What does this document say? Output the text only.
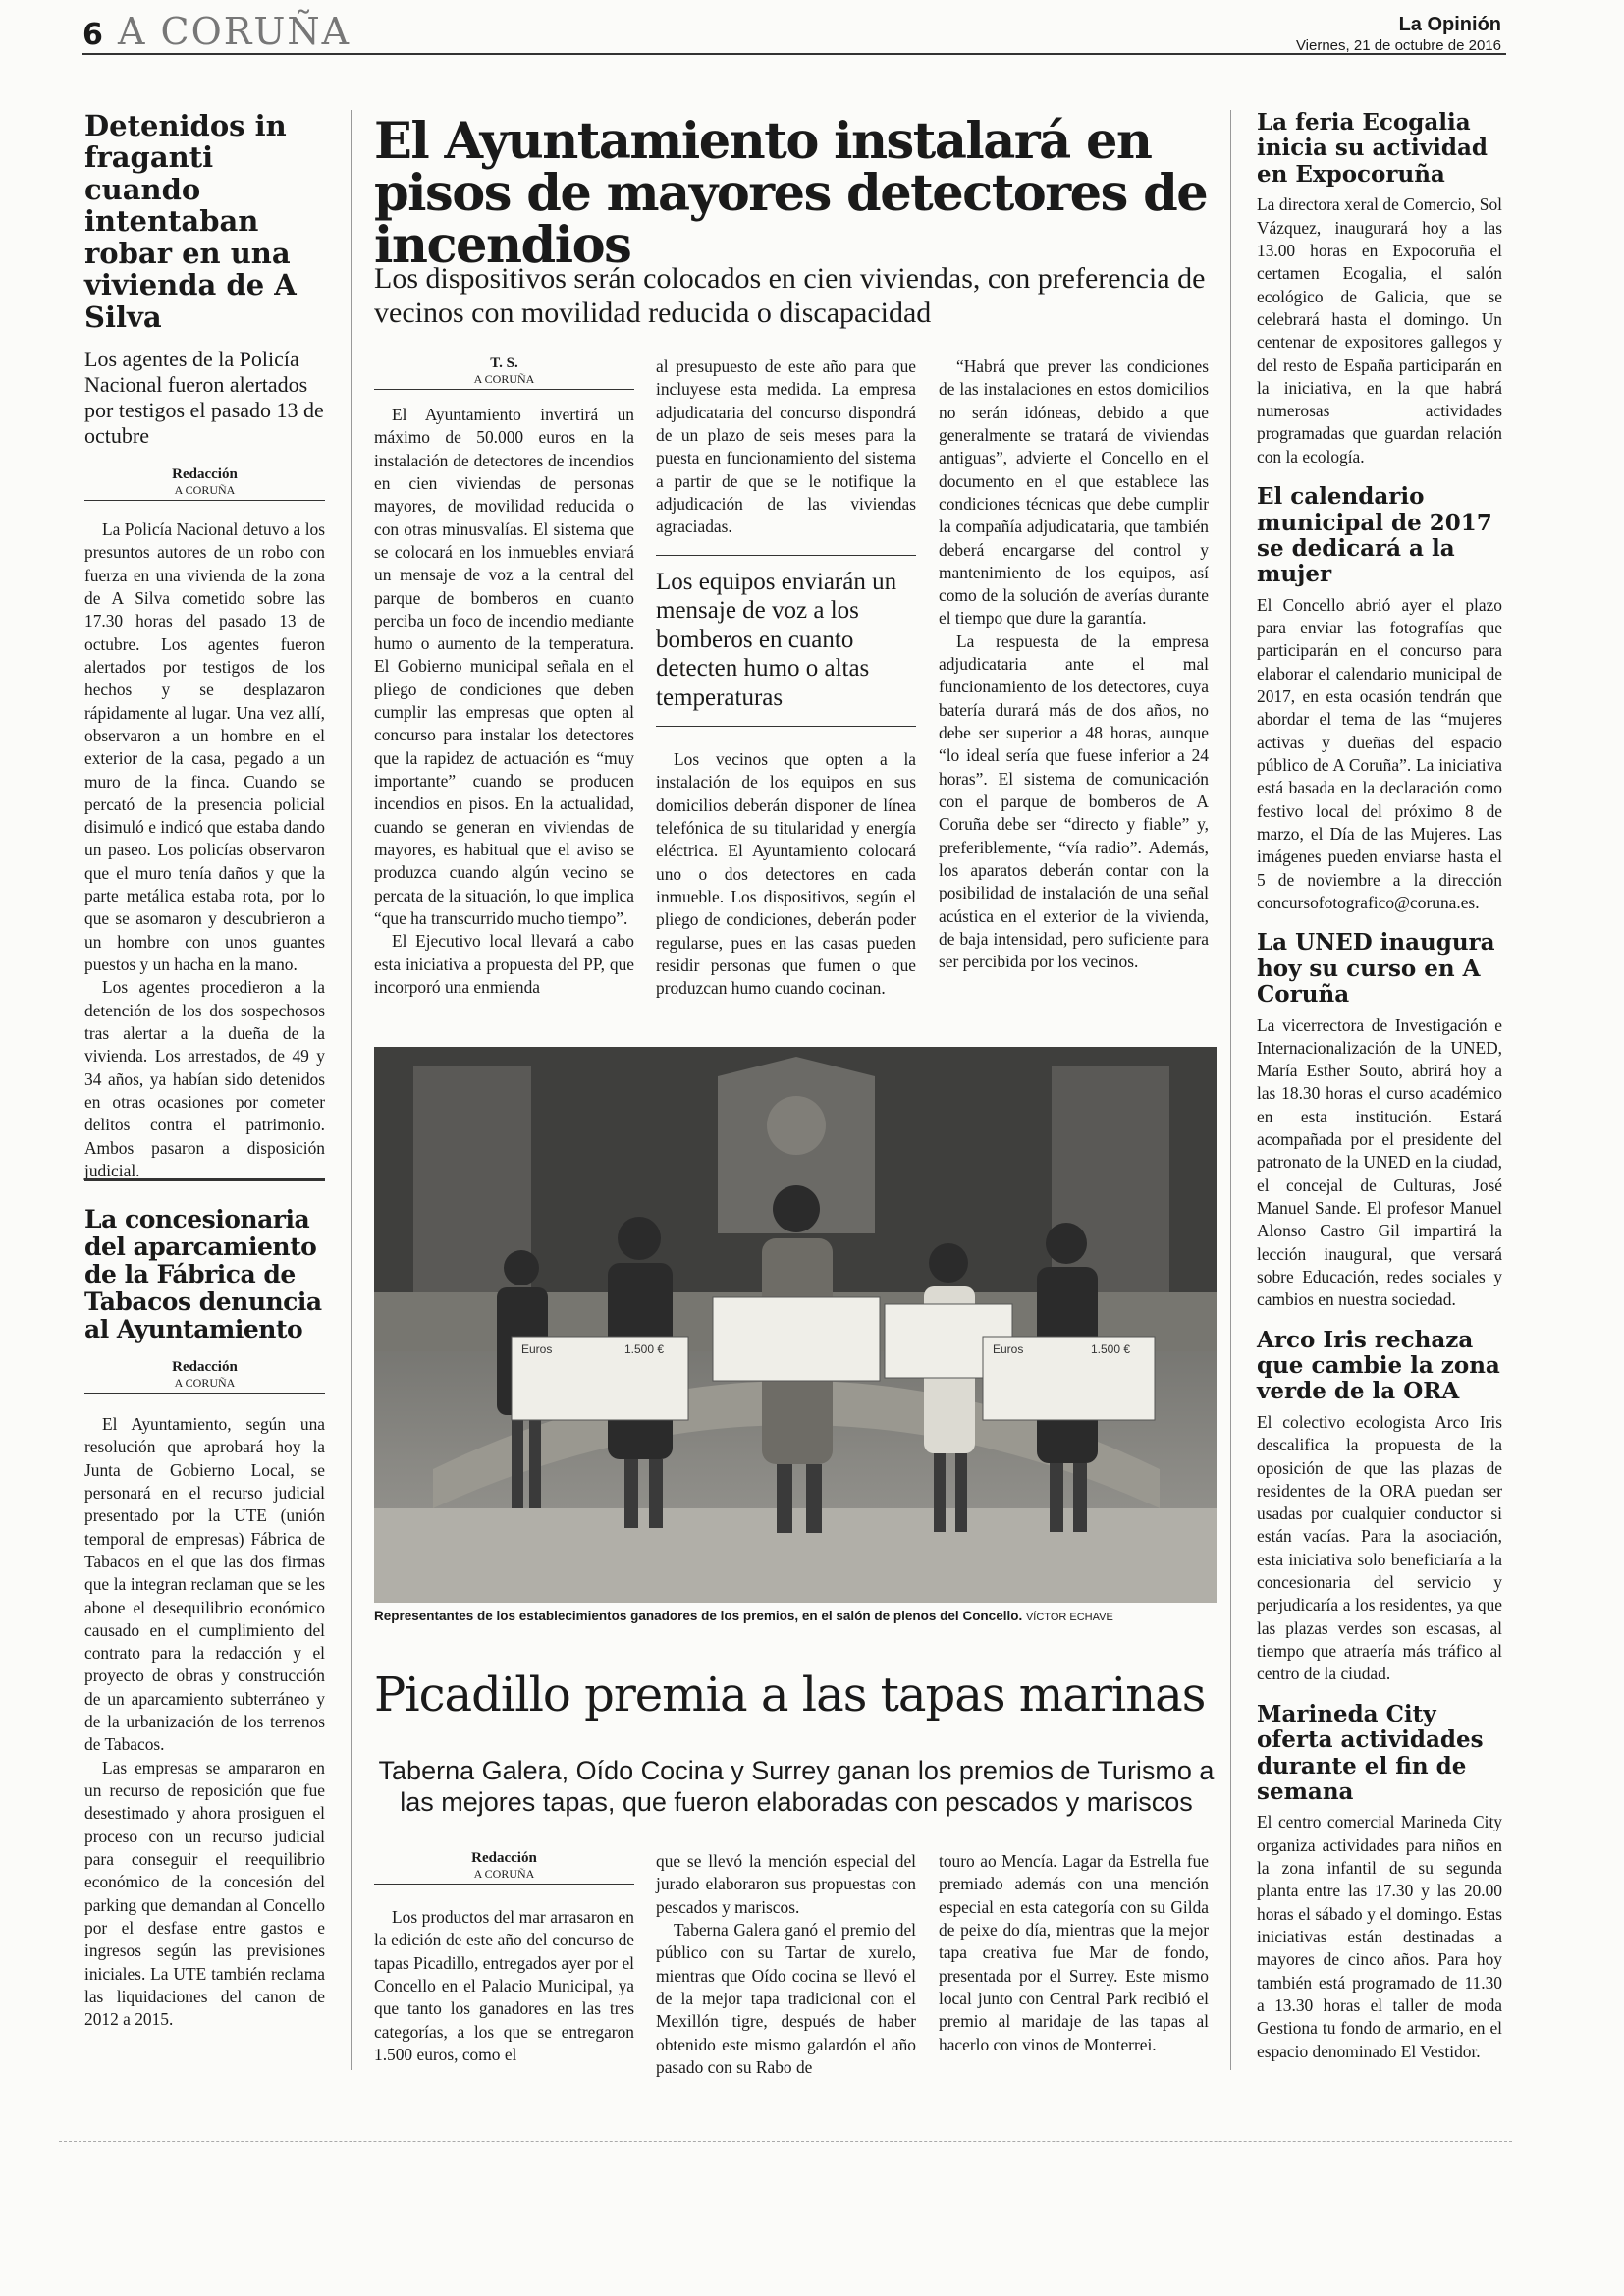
6 A CORUÑA	La Opinión
Viernes, 21 de octubre de 2016
Detenidos in fraganti cuando intentaban robar en una vivienda de A Silva
Los agentes de la Policía Nacional fueron alertados por testigos el pasado 13 de octubre
Redacción
A CORUÑA

La Policía Nacional detuvo a los presuntos autores de un robo con fuerza en una vivienda de la zona de A Silva cometido sobre las 17.30 horas del pasado 13 de octubre. Los agentes fueron alertados por testigos de los hechos y se desplazaron rápidamente al lugar. Una vez allí, observaron a un hombre en el exterior de la casa, pegado a un muro de la finca. Cuando se percató de la presencia policial disimuló e indicó que estaba dando un paseo. Los policías observaron que el muro tenía daños y que la parte metálica estaba rota, por lo que se asomaron y descubrieron a un hombre con unos guantes puestos y un hacha en la mano.

Los agentes procedieron a la detención de los dos sospechosos tras alertar a la dueña de la vivienda. Los arrestados, de 49 y 34 años, ya habían sido detenidos en otras ocasiones por cometer delitos contra el patrimonio. Ambos pasaron a disposición judicial.

La concesionaria del aparcamiento de la Fábrica de Tabacos denuncia al Ayuntamiento
Redacción
A CORUÑA

El Ayuntamiento, según una resolución que aprobará hoy la Junta de Gobierno Local, se personará en el recurso judicial presentado por la UTE (unión temporal de empresas) Fábrica de Tabacos en el que las dos firmas que la integran reclaman que se les abone el desequilibrio económico causado en el cumplimiento del contrato para la redacción y el proyecto de obras y construcción de un aparcamiento subterráneo y de la urbanización de los terrenos de Tabacos.

Las empresas se ampararon en un recurso de reposición que fue desestimado y ahora prosiguen el proceso con un recurso judicial para conseguir el reequilibrio económico de la concesión del parking que demandan al Concello por el desfase entre gastos e ingresos según las previsiones iniciales. La UTE también reclama las liquidaciones del canon de 2012 a 2015.

El Ayuntamiento instalará en pisos de mayores detectores de incendios
Los dispositivos serán colocados en cien viviendas, con preferencia de vecinos con movilidad reducida o discapacidad
T. S.
A CORUÑA

El Ayuntamiento invertirá un máximo de 50.000 euros en la instalación de detectores de incendios en cien viviendas de personas mayores, de movilidad reducida o con otras minusvalías. El sistema que se colocará en los inmuebles enviará un mensaje de voz a la central del parque de bomberos en cuanto perciba un foco de incendio mediante humo o aumento de la temperatura. El Gobierno municipal señala en el pliego de condiciones que deben cumplir las empresas que opten al concurso para instalar los detectores que la rapidez de actuación es “muy importante” cuando se producen incendios en pisos. En la actualidad, cuando se generan en viviendas de mayores, es habitual que el aviso se produzca cuando algún vecino se percata de la situación, lo que implica “que ha transcurrido mucho tiempo”.

El Ejecutivo local llevará a cabo esta iniciativa a propuesta del PP, que incorporó una enmienda

al presupuesto de este año para que incluyese esta medida. La empresa adjudicataria del concurso dispondrá de un plazo de seis meses para la puesta en funcionamiento del sistema a partir de que se le notifique la adjudicación de las viviendas agraciadas.

Los equipos enviarán un mensaje de voz a los bomberos en cuanto detecten humo o altas temperaturas

Los vecinos que opten a la instalación de los equipos en sus domicilios deberán disponer de línea telefónica de su titularidad y energía eléctrica. El Ayuntamiento colocará uno o dos detectores en cada inmueble. Los dispositivos, según el pliego de condiciones, deberán poder regularse, pues en las casas pueden residir personas que fumen o que produzcan humo cuando cocinan.

“Habrá que prever las condiciones de las instalaciones en estos domicilios no serán idóneas, debido a que generalmente se tratará de viviendas antiguas”, advierte el Concello en el documento en el que establece las condiciones técnicas que debe cumplir la compañía adjudicataria, que también deberá encargarse del control y mantenimiento de los equipos, así como de la solución de averías durante el tiempo que dure la garantía.

La respuesta de la empresa adjudicataria ante el mal funcionamiento de los detectores, cuya batería durará más de dos años, no debe ser superior a 48 horas, aunque “lo ideal sería que fuese inferior a 24 horas”. El sistema de comunicación con el parque de bomberos de A Coruña debe ser “directo y fiable” y, preferiblemente, “vía radio”. Además, los aparatos deberán contar con la posibilidad de instalación de una señal acústica en el exterior de la vivienda, de baja intensidad, pero suficiente para ser percibida por los vecinos.

Euros	1.500 €	Euros	1.500 €
Representantes de los establecimientos ganadores de los premios, en el salón de plenos del Concello. VÍCTOR ECHAVE
Picadillo premia a las tapas marinas
Taberna Galera, Oído Cocina y Surrey ganan los premios de Turismo a las mejores tapas, que fueron elaboradas con pescados y mariscos
Redacción
A CORUÑA

Los productos del mar arrasaron en la edición de este año del concurso de tapas Picadillo, entregados ayer por el Concello en el Palacio Municipal, ya que tanto los ganadores en las tres categorías, a los que se entregaron 1.500 euros, como el

que se llevó la mención especial del jurado elaboraron sus propuestas con pescados y mariscos.

Taberna Galera ganó el premio del público con su Tartar de xurelo, mientras que Oído cocina se llevó el de la mejor tapa tradicional con el Mexillón tigre, después de haber obtenido este mismo galardón el año pasado con su Rabo de

touro ao Mencía. Lagar da Estrella fue premiado además con una mención especial en esta categoría con su Gilda de peixe do día, mientras que la mejor tapa creativa fue Mar de fondo, presentada por el Surrey. Este mismo local junto con Central Park recibió el premio al maridaje de las tapas al hacerlo con vinos de Monterrei.

La feria Ecogalia inicia su actividad en Expocoruña
La directora xeral de Comercio, Sol Vázquez, inaugurará hoy a las 13.00 horas en Expocoruña el certamen Ecogalia, el salón ecológico de Galicia, que se celebrará hasta el domingo. Un centenar de expositores gallegos y del resto de España participarán en la iniciativa, en la que habrá numerosas actividades programadas que guardan relación con la ecología.
El calendario municipal de 2017 se dedicará a la mujer
El Concello abrió ayer el plazo para enviar las fotografías que participarán en el concurso para elaborar el calendario municipal de 2017, en esta ocasión tendrán que abordar el tema de las “mujeres activas y dueñas del espacio público de A Coruña”. La iniciativa está basada en la declaración como festivo local del próximo 8 de marzo, el Día de las Mujeres. Las imágenes pueden enviarse hasta el 5 de noviembre a la dirección concursofotografico@coruna.es.
La UNED inaugura hoy su curso en A Coruña
La vicerrectora de Investigación e Internacionalización de la UNED, María Esther Souto, abrirá hoy a las 18.30 horas el curso académico en esta institución. Estará acompañada por el presidente del patronato de la UNED en la ciudad, el concejal de Culturas, José Manuel Sande. El profesor Manuel Alonso Castro Gil impartirá la lección inaugural, que versará sobre Educación, redes sociales y cambios en nuestra sociedad.
Arco Iris rechaza que cambie la zona verde de la ORA
El colectivo ecologista Arco Iris descalifica la propuesta de la oposición de que las plazas de residentes de la ORA puedan ser usadas por cualquier conductor si están vacías. Para la asociación, esta iniciativa solo beneficiaría a la concesionaria del servicio y perjudicaría a los residentes, ya que las plazas verdes son escasas, al tiempo que atraería más tráfico al centro de la ciudad.
Marineda City oferta actividades durante el fin de semana
El centro comercial Marineda City organiza actividades para niños en la zona infantil de su segunda planta entre las 17.30 y las 20.00 horas el sábado y el domingo. Estas iniciativas están destinadas a mayores de cinco años. Para hoy también está programado de 11.30 a 13.30 horas el taller de moda Gestiona tu fondo de armario, en el espacio denominado El Vestidor.
